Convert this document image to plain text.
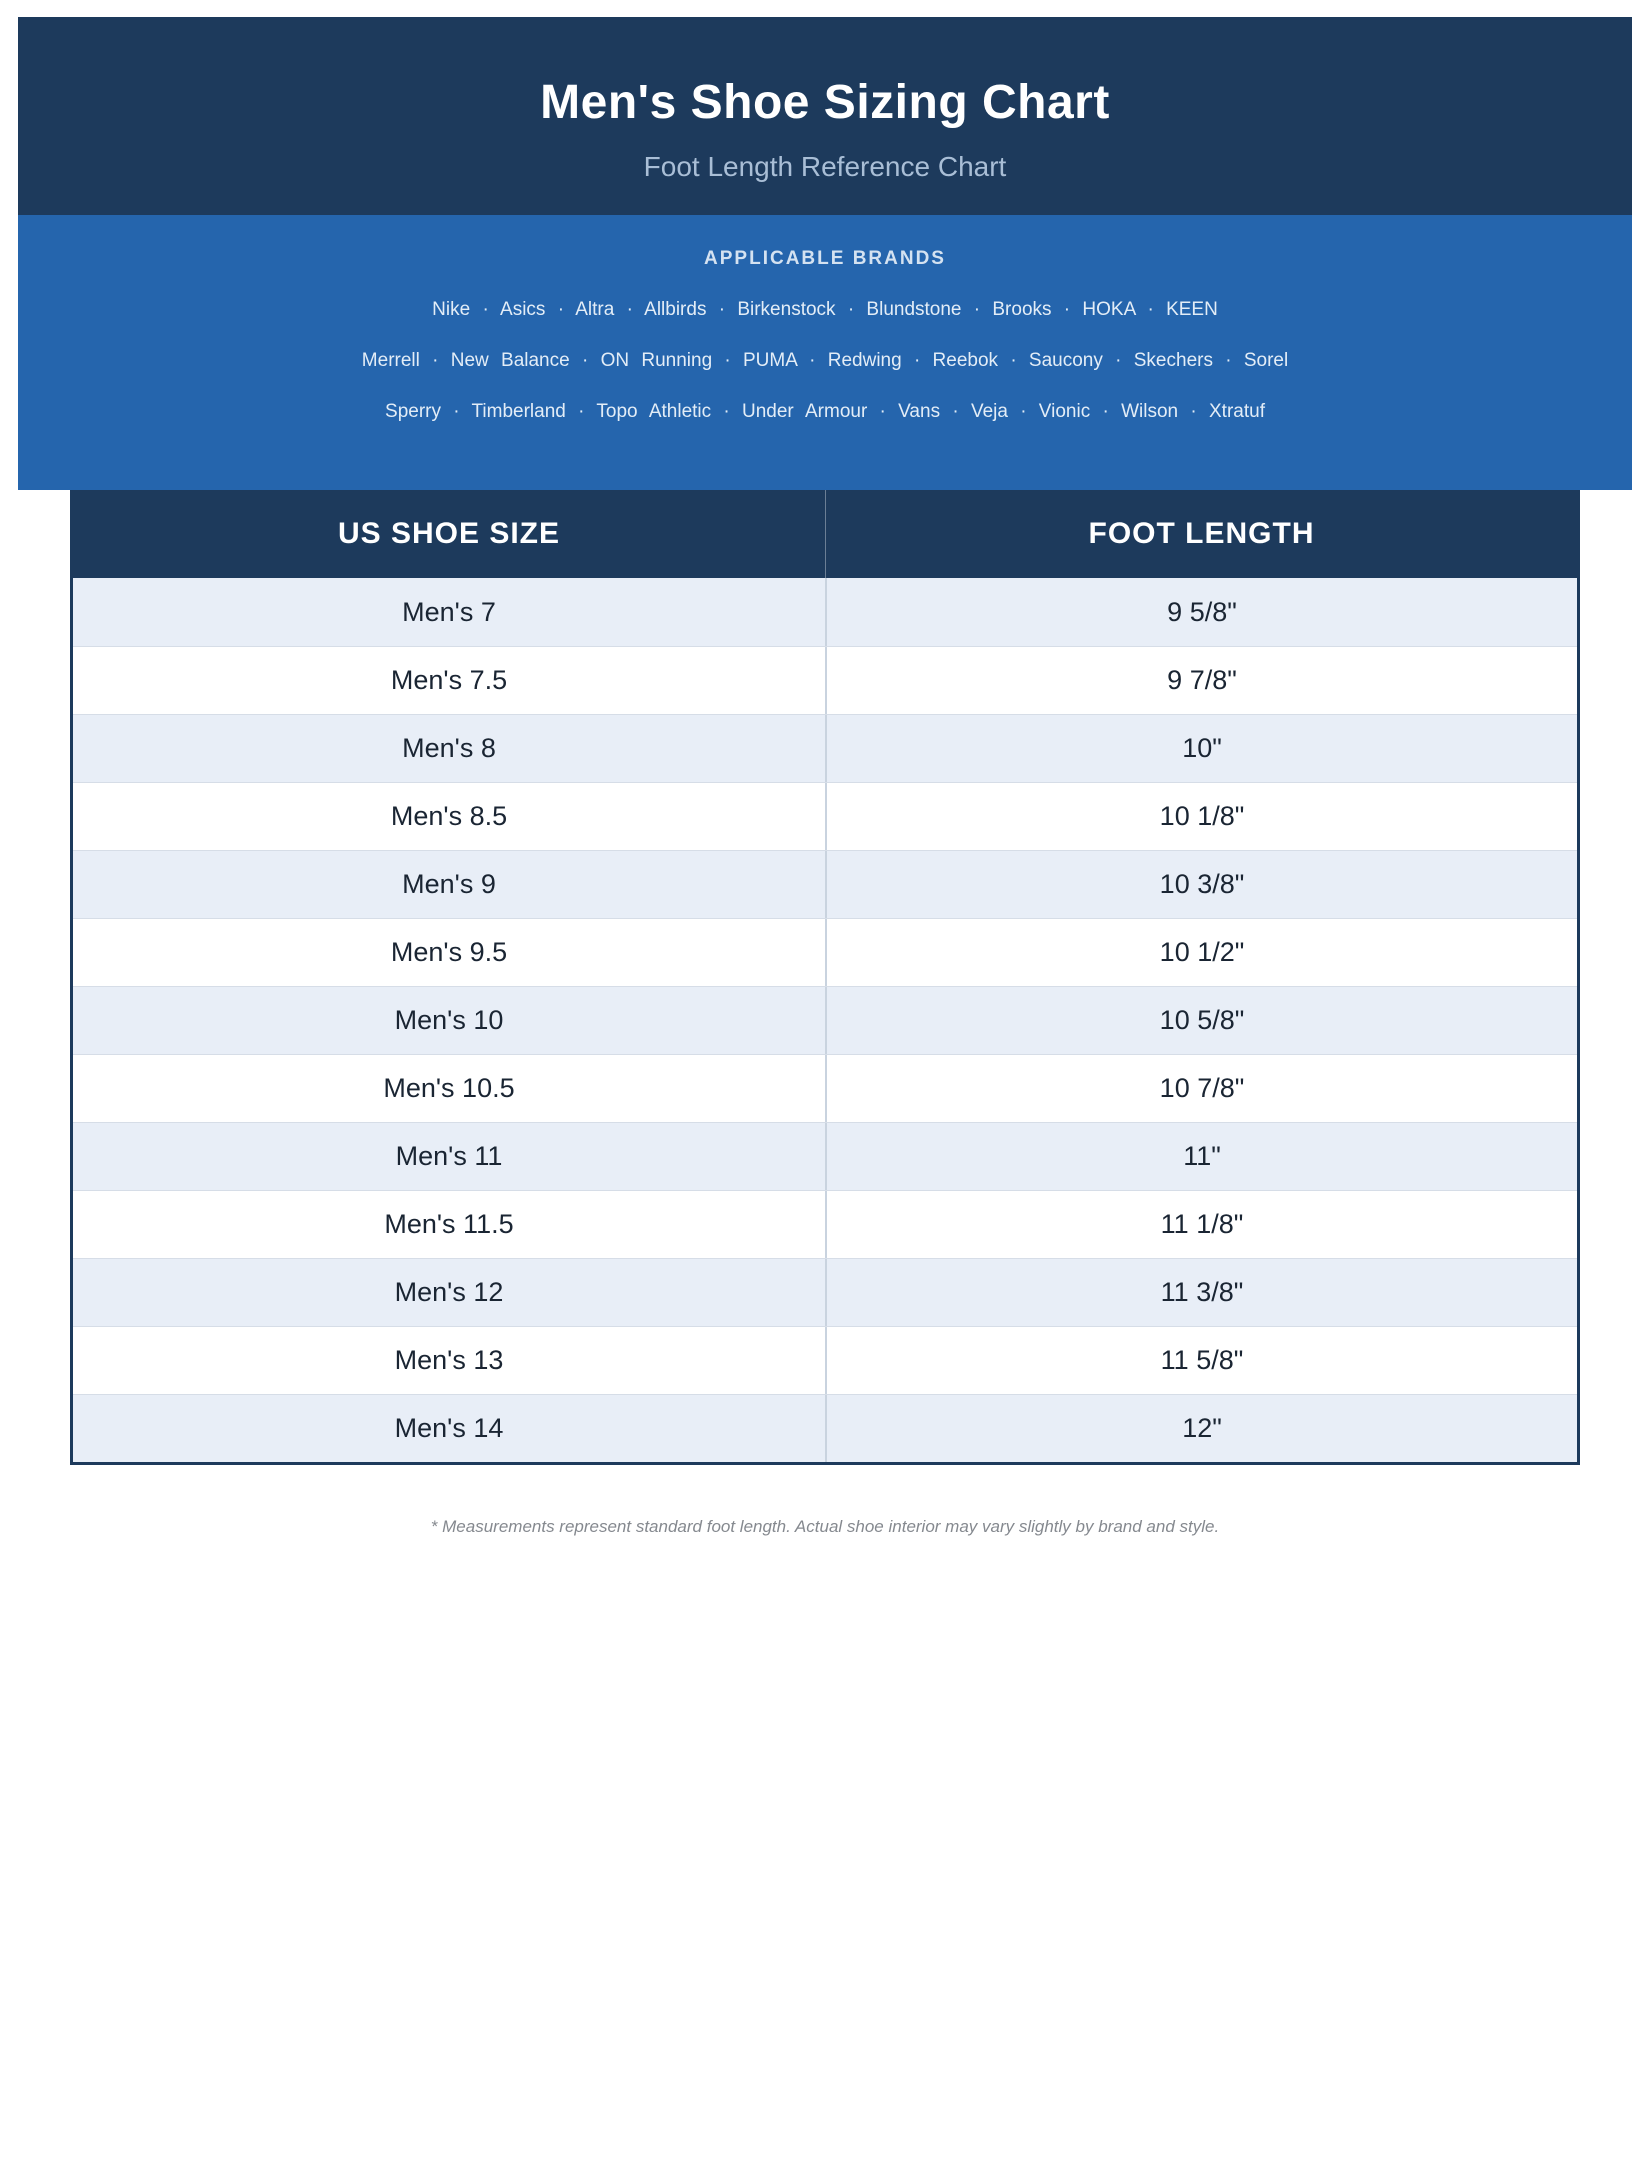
Men's Shoe Sizing Chart
Foot Length Reference Chart
APPLICABLE BRANDS
Nike · Asics · Altra · Allbirds · Birkenstock · Blundstone · Brooks · HOKA · KEEN
Merrell · New Balance · ON Running · PUMA · Redwing · Reebok · Saucony · Skechers · Sorel
Sperry · Timberland · Topo Athletic · Under Armour · Vans · Veja · Vionic · Wilson · Xtratuf
US SHOE SIZE	FOOT LENGTH
Men's 7	9 5/8"
Men's 7.5	9 7/8"
Men's 8	10"
Men's 8.5	10 1/8"
Men's 9	10 3/8"
Men's 9.5	10 1/2"
Men's 10	10 5/8"
Men's 10.5	10 7/8"
Men's 11	11"
Men's 11.5	11 1/8"
Men's 12	11 3/8"
Men's 13	11 5/8"
Men's 14	12"
* Measurements represent standard foot length. Actual shoe interior may vary slightly by brand and style.
